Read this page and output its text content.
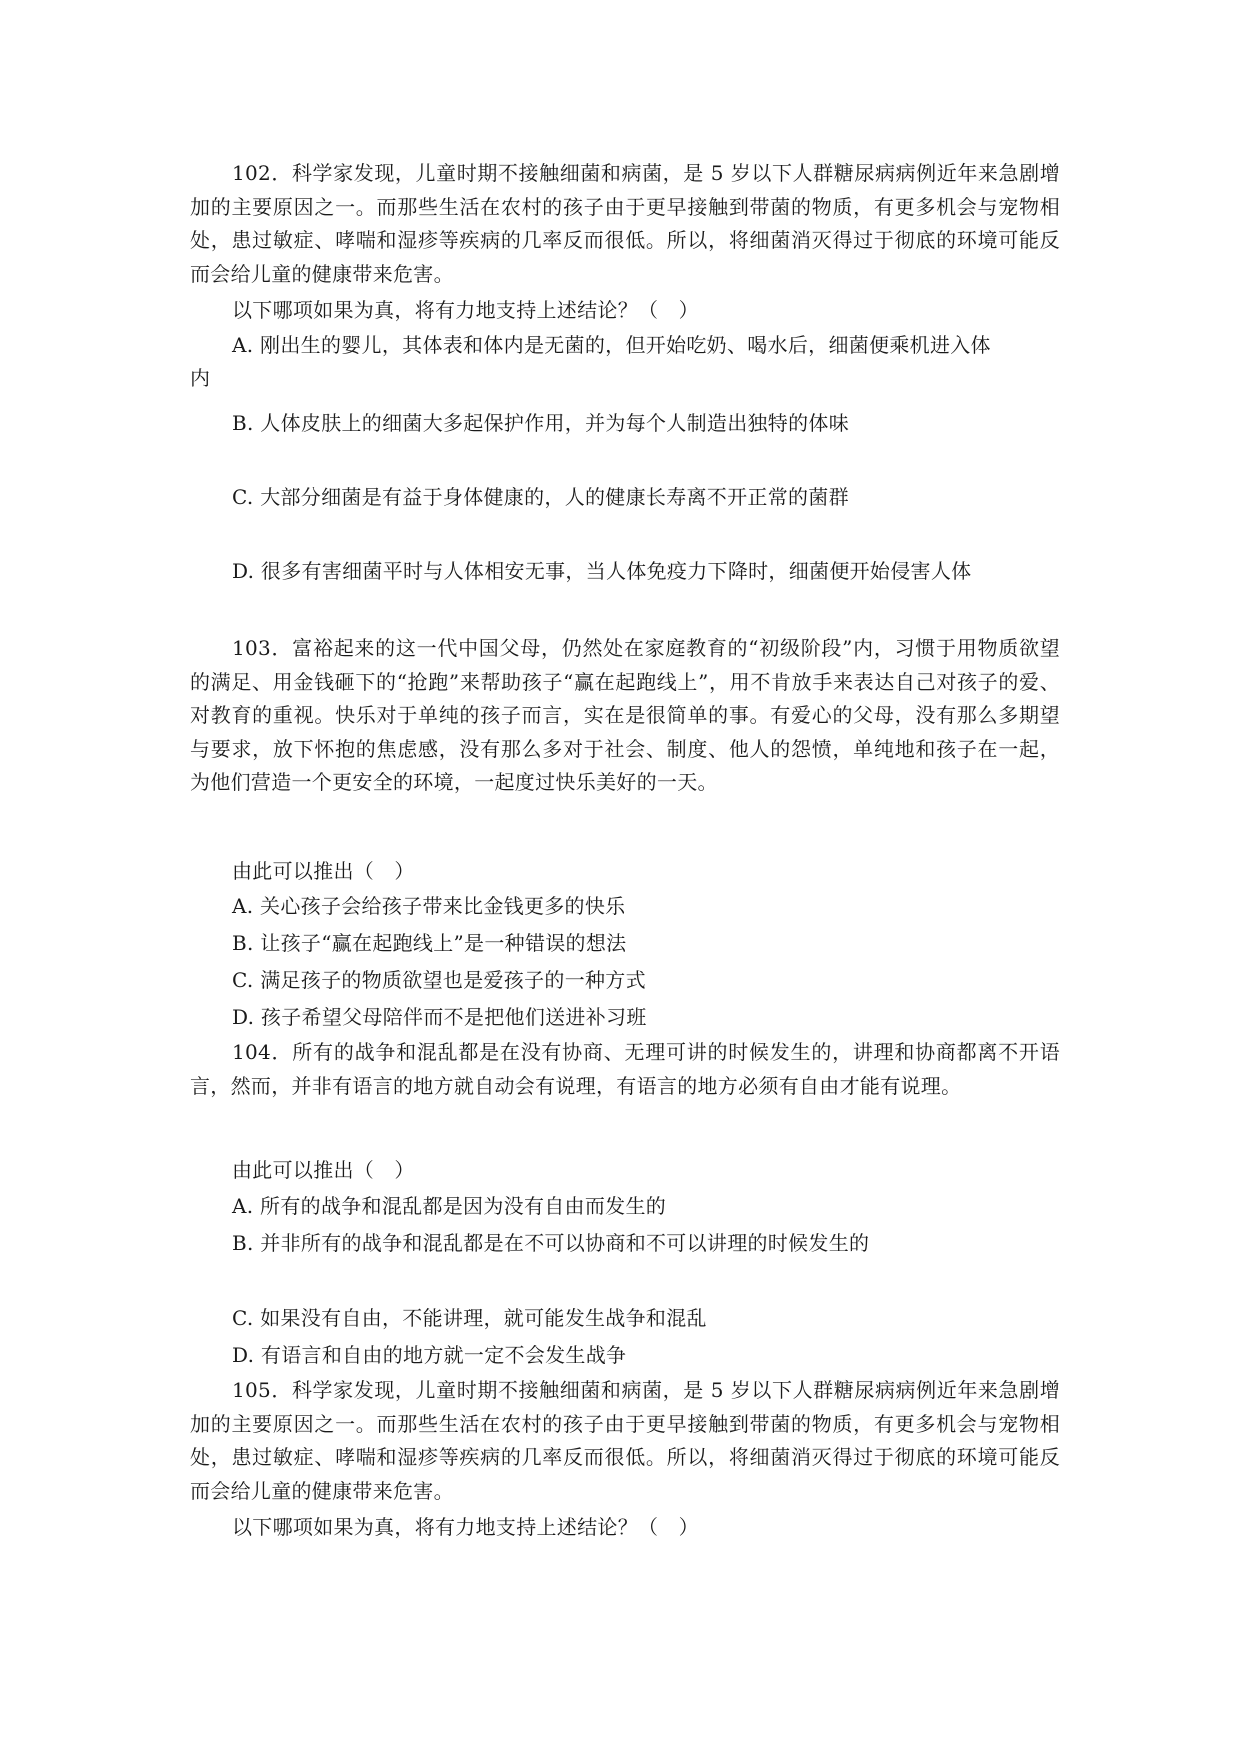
102．科学家发现，儿童时期不接触细菌和病菌，是 5 岁以下人群糖尿病病例近年来急剧增加的主要原因之一。而那些生活在农村的孩子由于更早接触到带菌的物质，有更多机会与宠物相处，患过敏症、哮喘和湿疹等疾病的几率反而很低。所以，将细菌消灭得过于彻底的环境可能反而会给儿童的健康带来危害。
以下哪项如果为真，将有力地支持上述结论？（　）
A. 刚出生的婴儿，其体表和体内是无菌的，但开始吃奶、喝水后，细菌便乘机进入体
内
B. 人体皮肤上的细菌大多起保护作用，并为每个人制造出独特的体味
C. 大部分细菌是有益于身体健康的，人的健康长寿离不开正常的菌群
D. 很多有害细菌平时与人体相安无事，当人体免疫力下降时，细菌便开始侵害人体
103．富裕起来的这一代中国父母，仍然处在家庭教育的“初级阶段”内，习惯于用物质欲望的满足、用金钱砸下的“抢跑”来帮助孩子“赢在起跑线上”，用不肯放手来表达自己对孩子的爱、对教育的重视。快乐对于单纯的孩子而言，实在是很简单的事。有爱心的父母，没有那么多期望与要求，放下怀抱的焦虑感，没有那么多对于社会、制度、他人的怨愤，单纯地和孩子在一起，为他们营造一个更安全的环境，一起度过快乐美好的一天。
由此可以推出（　）
A. 关心孩子会给孩子带来比金钱更多的快乐
B. 让孩子“赢在起跑线上”是一种错误的想法
C. 满足孩子的物质欲望也是爱孩子的一种方式
D. 孩子希望父母陪伴而不是把他们送进补习班
104．所有的战争和混乱都是在没有协商、无理可讲的时候发生的，讲理和协商都离不开语言，然而，并非有语言的地方就自动会有说理，有语言的地方必须有自由才能有说理。
由此可以推出（　）
A. 所有的战争和混乱都是因为没有自由而发生的
B. 并非所有的战争和混乱都是在不可以协商和不可以讲理的时候发生的
C. 如果没有自由，不能讲理，就可能发生战争和混乱
D. 有语言和自由的地方就一定不会发生战争
105．科学家发现，儿童时期不接触细菌和病菌，是 5 岁以下人群糖尿病病例近年来急剧增加的主要原因之一。而那些生活在农村的孩子由于更早接触到带菌的物质，有更多机会与宠物相处，患过敏症、哮喘和湿疹等疾病的几率反而很低。所以，将细菌消灭得过于彻底的环境可能反而会给儿童的健康带来危害。
以下哪项如果为真，将有力地支持上述结论？（　）
